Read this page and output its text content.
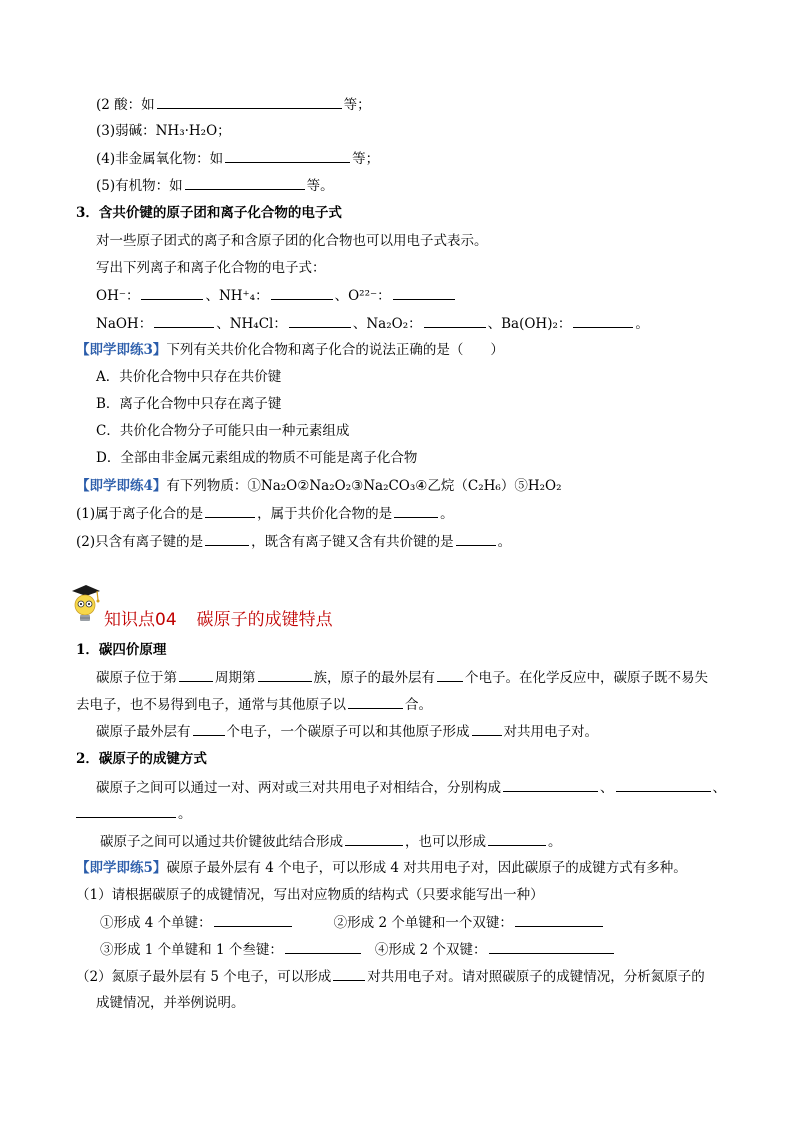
(2 酸：如	等；
(3)弱碱：NH₃·H₂O；
(4)非金属氧化物：如	等；
(5)有机物：如	等。
3．含共价键的原子团和离子化合物的电子式
对一些原子团式的离子和含原子团的化合物也可以用电子式表示。
写出下列离子和离子化合物的电子式：
OH⁻：	、NH⁺₄：	、O²²⁻：
NaOH：	、NH₄Cl：	、Na₂O₂：	、Ba(OH)₂：	。
【即学即练3】下列有关共价化合物和离子化合的说法正确的是（　　）
A．共价化合物中只存在共价键
B．离子化合物中只存在离子键
C．共价化合物分子可能只由一种元素组成
D．全部由非金属元素组成的物质不可能是离子化合物
【即学即练4】有下列物质：①Na₂O②Na₂O₂③Na₂CO₃④乙烷（C₂H₆）⑤H₂O₂
(1)属于离子化合的是	，属于共价化合物的是	。
(2)只含有离子键的是	，既含有离子键又含有共价键的是	。
知识点04 碳原子的成键特点
1．碳四价原理
碳原子位于第	周期第	族，原子的最外层有 个电子。在化学反应中，碳原子既不易失
去电子，也不易得到电子，通常与其他原子以	合。
碳原子最外层有	个电子，一个碳原子可以和其他原子形成	对共用电子对。
2．碳原子的成键方式
碳原子之间可以通过一对、两对或三对共用电子对相结合，分别构成	、	、
。
碳原子之间可以通过共价键彼此结合形成	，也可以形成	。
【即学即练5】碳原子最外层有 4 个电子，可以形成 4 对共用电子对，因此碳原子的成键方式有多种。
（1）请根据碳原子的成键情况，写出对应物质的结构式（只要求能写出一种）
①形成 4 个单键：	②形成 2 个单键和一个双键：
③形成 1 个单键和 1 个叁键：	④形成 2 个双键：
（2）氮原子最外层有 5 个电子，可以形成	对共用电子对。请对照碳原子的成键情况，分析氮原子的
成键情况，并举例说明。
